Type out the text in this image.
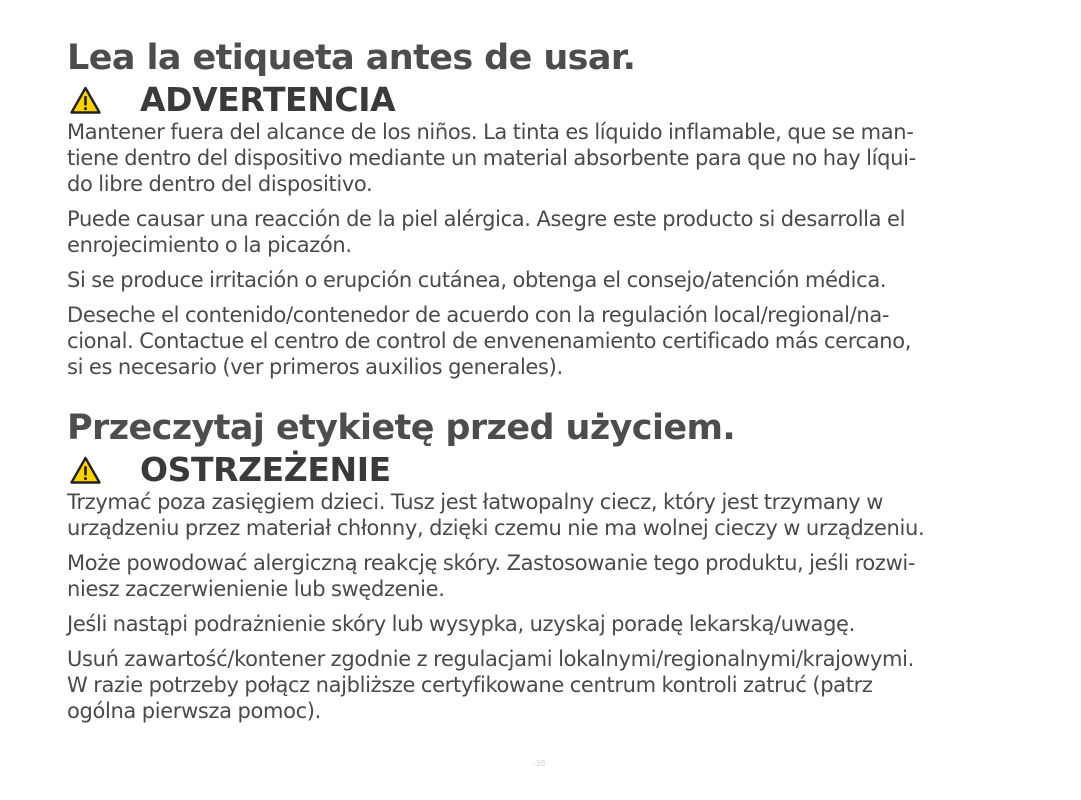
Lea la etiqueta antes de usar.
ADVERTENCIA

Mantener fuera del alcance de los niños. La tinta es líquido inflamable, que se man-
tiene dentro del dispositivo mediante un material absorbente para que no hay líqui-
do libre dentro del dispositivo.

Puede causar una reacción de la piel alérgica. Asegre este producto si desarrolla el
enrojecimiento o la picazón.

Si se produce irritación o erupción cutánea, obtenga el consejo/atención médica.

Deseche el contenido/contenedor de acuerdo con la regulación local/regional/na-
cional. Contactue el centro de control de envenenamiento certificado más cercano,
si es necesario (ver primeros auxilios generales).

Przeczytaj etykietę przed użyciem.
OSTRZEŻENIE

Trzymać poza zasięgiem dzieci. Tusz jest łatwopalny ciecz, który jest trzymany w
urządzeniu przez materiał chłonny, dzięki czemu nie ma wolnej cieczy w urządzeniu.

Może powodować alergiczną reakcję skóry. Zastosowanie tego produktu, jeśli rozwi-
niesz zaczerwienienie lub swędzenie.

Jeśli nastąpi podrażnienie skóry lub wysypka, uzyskaj poradę lekarską/uwagę.

Usuń zawartość/kontener zgodnie z regulacjami lokalnymi/regionalnymi/krajowymi.
W razie potrzeby połącz najbliższe certyfikowane centrum kontroli zatruć (patrz
ogólna pierwsza pomoc).

-38-
